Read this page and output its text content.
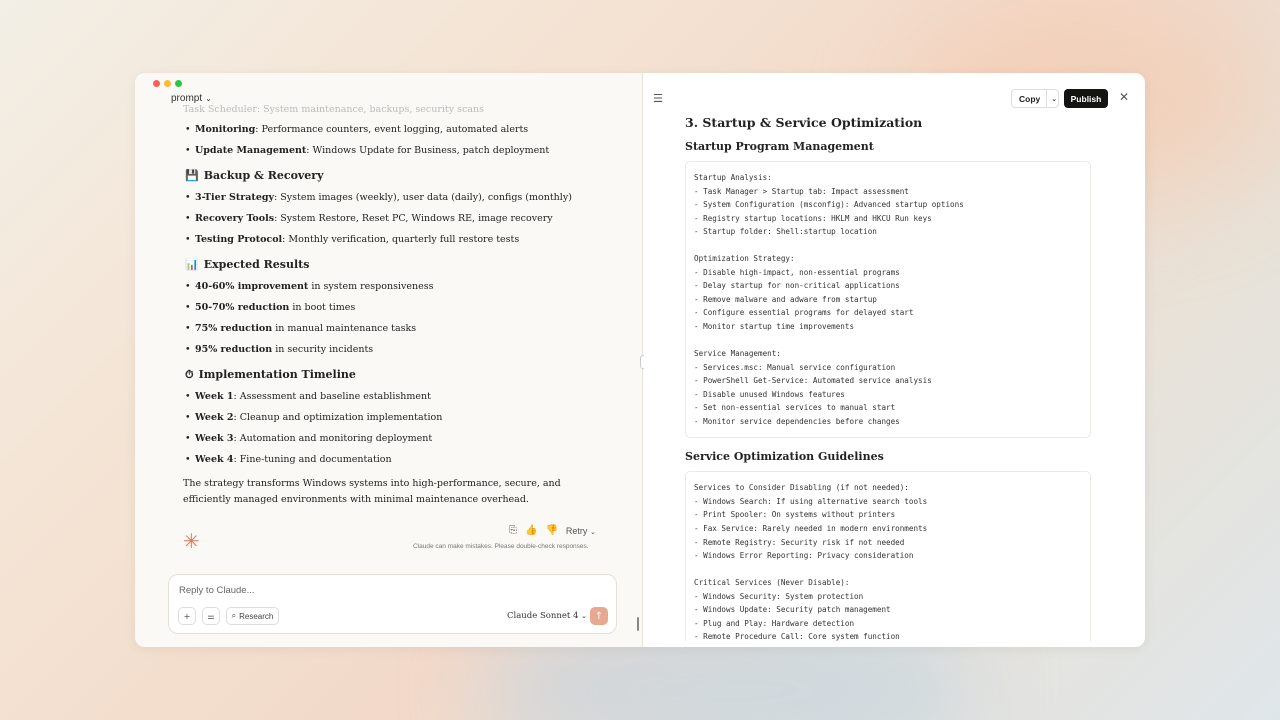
prompt ⌄
Task Scheduler: System maintenance, backups, security scans
• Monitoring: Performance counters, event logging, automated alerts
• Update Management: Windows Update for Business, patch deployment
💾 Backup & Recovery
• 3-Tier Strategy: System images (weekly), user data (daily), configs (monthly)
• Recovery Tools: System Restore, Reset PC, Windows RE, image recovery
• Testing Protocol: Monthly verification, quarterly full restore tests
📊 Expected Results
• 40-60% improvement in system responsiveness
• 50-70% reduction in boot times
• 75% reduction in manual maintenance tasks
• 95% reduction in security incidents
⏱ Implementation Timeline
• Week 1: Assessment and baseline establishment
• Week 2: Cleanup and optimization implementation
• Week 3: Automation and monitoring deployment
• Week 4: Fine-tuning and documentation

The strategy transforms Windows systems into high-performance, secure, and efficiently managed environments with minimal maintenance overhead.

✳	⎘ 👍 👎 Retry ⌄
Claude can make mistakes. Please double-check responses.
Reply to Claude...
+ ⚌ ⌕ Research	Claude Sonnet 4 ⌄ ↑
☰	Copy	⌄	Publish	✕
3. Startup & Service Optimization
Startup Program Management
Startup Analysis:
- Task Manager > Startup tab: Impact assessment
- System Configuration (msconfig): Advanced startup options
- Registry startup locations: HKLM and HKCU Run keys
- Startup folder: Shell:startup location
Optimization Strategy:
- Disable high-impact, non-essential programs
- Delay startup for non-critical applications
- Remove malware and adware from startup
- Configure essential programs for delayed start
- Monitor startup time improvements
Service Management:
- Services.msc: Manual service configuration
- PowerShell Get-Service: Automated service analysis
- Disable unused Windows features
- Set non-essential services to manual start
- Monitor service dependencies before changes
Service Optimization Guidelines
Services to Consider Disabling (if not needed):
- Windows Search: If using alternative search tools
- Print Spooler: On systems without printers
- Fax Service: Rarely needed in modern environments
- Remote Registry: Security risk if not needed
- Windows Error Reporting: Privacy consideration
Critical Services (Never Disable):
- Windows Security: System protection
- Windows Update: Security patch management
- Plug and Play: Hardware detection
- Remote Procedure Call: Core system function
